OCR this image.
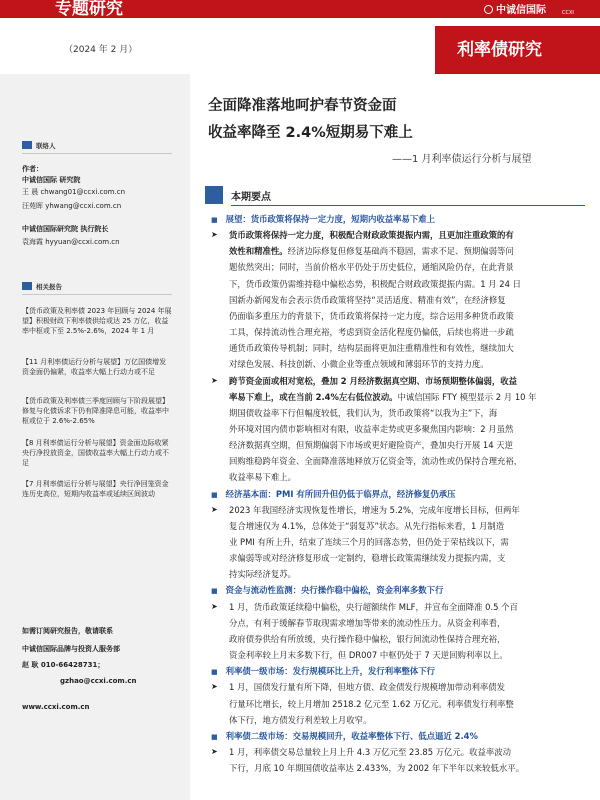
专题研究	中诚信国际	CCXI
（2024 年 2 月）	利率债研究
联络人
作者：
中诚信国际 研究院
王 晨 chwang01@ccxi.com.cn
汪苑晖 yhwang@ccxi.com.cn
中诚信国际研究院 执行院长
袁海霞 hyyuan@ccxi.com.cn
相关报告
【货币政策及利率债 2023 年回顾与 2024 年展望】积极财政下利率债供给或达 25 万亿，收益率中枢或下至 2.5%-2.6%，2024 年 1 月
【11 月利率债运行分析与展望】万亿国债增发资金面仍偏紧，收益率大幅上行动力或不足
【货币政策及利率债三季度回顾与下阶段展望】修复与化债诉求下仍有降准降息可能，收益率中枢或位于 2.6%-2.65%
【8 月利率债运行分析与展望】资金面边际收紧央行净投放资金，国债收益率大幅上行动力或不足
【7 月利率债运行分析与展望】央行净回笼资金连历史高位，短期内收益率或延续区间波动
如需订阅研究报告，敬请联系
中诚信国际品牌与投资人服务部
赵 耿 010-66428731；
gzhao@ccxi.com.cn
www.ccxi.com.cn
全面降准落地呵护春节资金面
收益率降至 2.4%短期易下难上
——1 月利率债运行分析与展望
本期要点
■ 展望：货币政策将保持一定力度，短期内收益率易下难上
➤ 货币政策将保持一定力度，积极配合财政政策提振内需，且更加注重政策的有
效性和精准性。经济边际修复但修复基础尚不稳固，需求不足、预期偏弱等问
题依然突出；同时，当前价格水平仍处于历史低位，通缩风险仍存，在此背景
下，货币政策仍需维持稳中偏松态势，积极配合财政政策提振内需。1 月 24 日
国新办新闻发布会表示货币政策将坚持“灵活适度、精准有效”，在经济修复
仍面临多重压力的背景下，货币政策将保持一定力度，综合运用多种货币政策
工具，保持流动性合理充裕，考虑到资金活化程度仍偏低，后续也将进一步疏
通货币政策传导机制；同时，结构层面将更加注重精准性和有效性，继续加大
对绿色发展、科技创新、小微企业等重点领域和薄弱环节的支持力度。
➤ 跨节资金面或相对宽松，叠加 2 月经济数据真空期、市场预期整体偏弱，收益
率易下难上，或在当前 2.4%左右低位波动。中诚信国际 FTY 模型显示 2 月 10 年
期国债收益率下行但幅度较低，我们认为，货币政策将“以我为主”下，海
外环境对国内债市影响相对有限，收益率走势或更多聚焦国内影响：2 月虽然
经济数据真空期，但预期偏弱下市场或更好避险资产，叠加央行开展 14 天逆
回购维稳跨年资金、全面降准落地释放万亿资金等，流动性或仍保持合理充裕，
收益率易下难上。
■ 经济基本面：PMI 有所回升但仍低于临界点，经济修复仍承压
➤ 2023 年我国经济实现恢复性增长，增速为 5.2%，完成年度增长目标，但两年
复合增速仅为 4.1%，总体处于“弱复苏”状态。从先行指标来看，1 月制造
业 PMI 有所上升，结束了连续三个月的回落态势，但仍处于荣枯线以下，需
求偏弱等或对经济修复形成一定制约，稳增长政策需继续发力提振内需，支
持实际经济复苏。
■ 资金与流动性监测：央行操作稳中偏松，资金利率多数下行
➤ 1 月，货币政策延续稳中偏松，央行超额续作 MLF，并宣布全面降准 0.5 个百
分点，有利于缓解春节取现需求增加等带来的流动性压力。从资金利率看，
政府债券供给有所放缓，央行操作稳中偏松，银行间流动性保持合理充裕，
资金利率较上月末多数下行，但 DR007 中枢仍处于 7 天逆回购利率以上。
■ 利率债一级市场：发行规模环比上升，发行利率整体下行
➤ 1 月，国债发行量有所下降，但地方债、政金债发行规模增加带动利率债发
行量环比增长，较上月增加 2518.2 亿元至 1.62 万亿元。利率债发行利率整
体下行，地方债发行利差较上月收窄。
■ 利率债二级市场：交易规模回升，收益率整体下行、低点逼近 2.4%
➤ 1 月，利率债交易总量较上月上升 4.3 万亿元至 23.85 万亿元。收益率波动
下行，月底 10 年期国债收益率达 2.433%，为 2002 年下半年以来较低水平。
